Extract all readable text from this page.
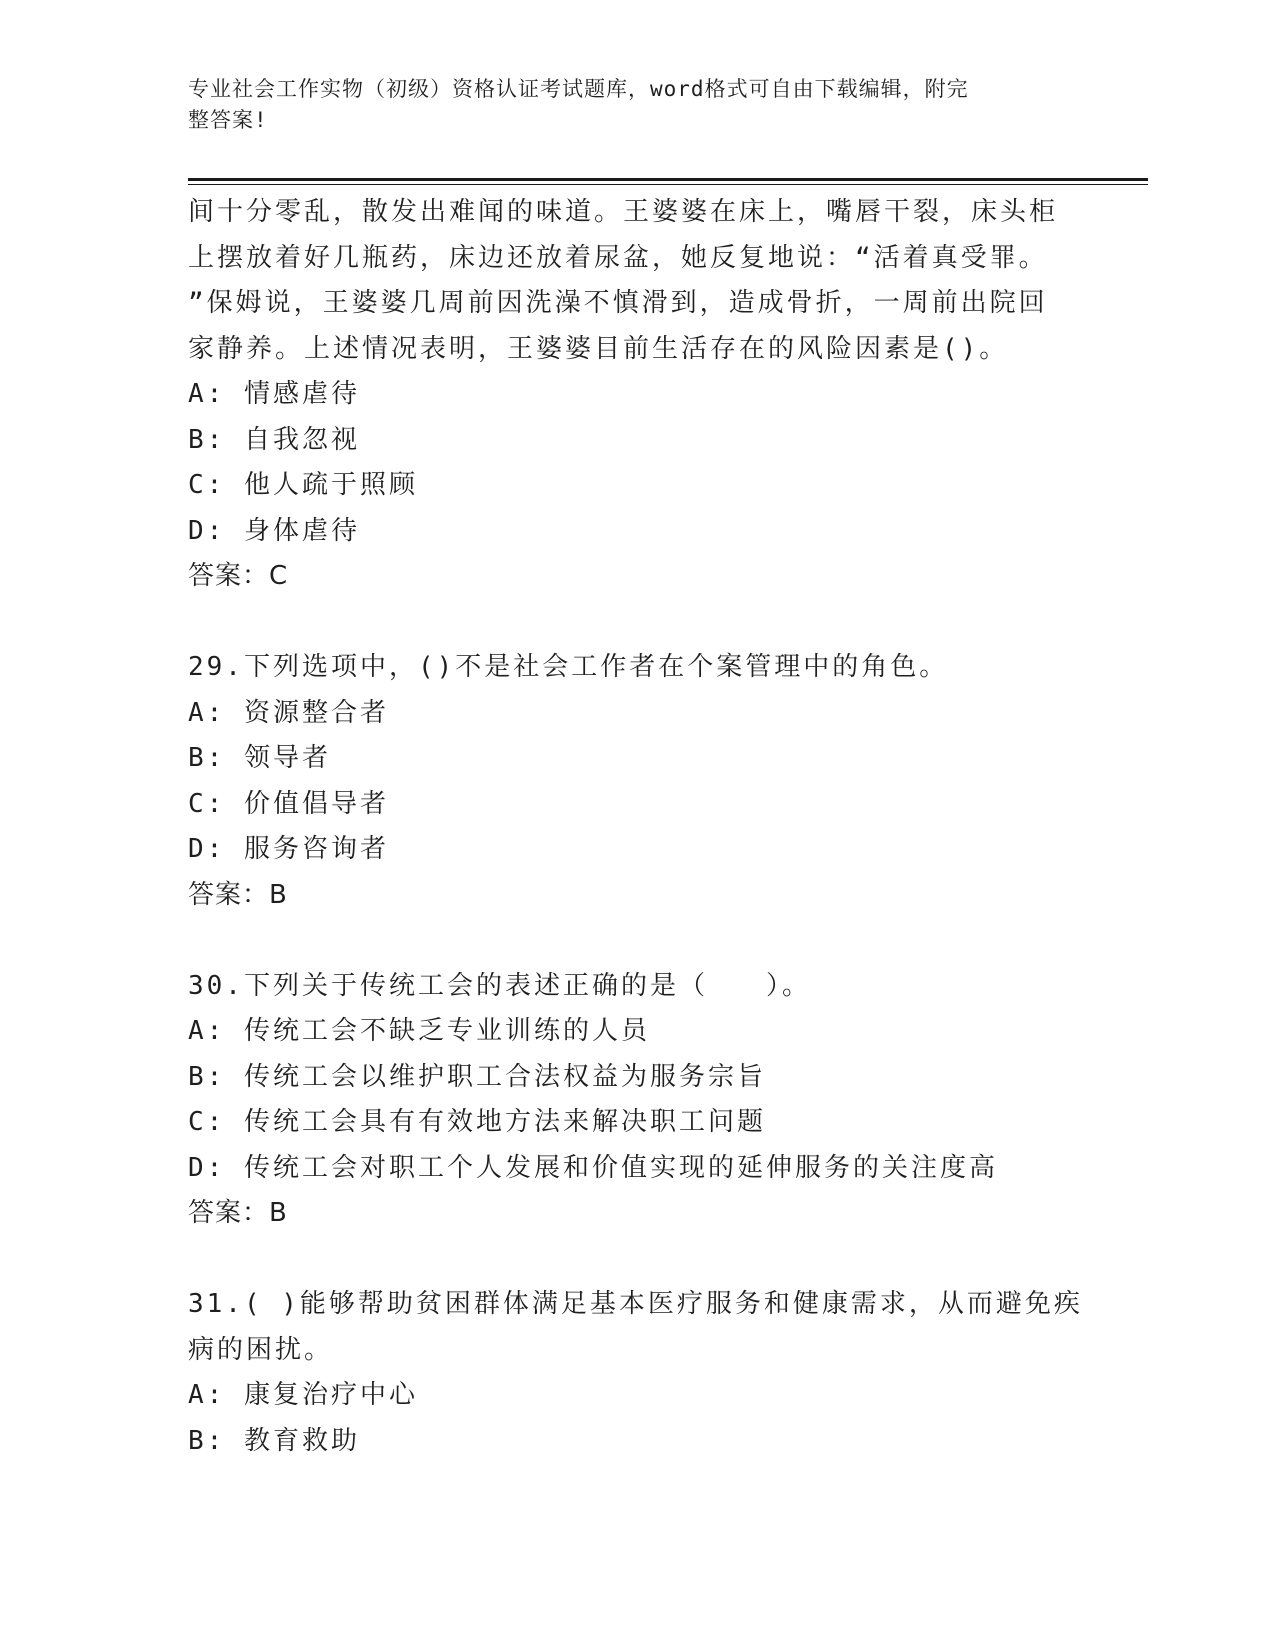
专业社会工作实物（初级）资格认证考试题库，word格式可自由下载编辑，附完
整答案!

间十分零乱，散发出难闻的味道。王婆婆在床上，嘴唇干裂，床头柜
上摆放着好几瓶药，床边还放着尿盆，她反复地说：“活着真受罪。
”保姆说，王婆婆几周前因洗澡不慎滑到，造成骨折，一周前出院回
家静养。上述情况表明，王婆婆目前生活存在的风险因素是()。
A: 情感虐待
B: 自我忽视
C: 他人疏于照顾
D: 身体虐待
答案：C
29.下列选项中，()不是社会工作者在个案管理中的角色。
A: 资源整合者
B: 领导者
C: 价值倡导者
D: 服务咨询者
答案：B
30.下列关于传统工会的表述正确的是（　　）。
A: 传统工会不缺乏专业训练的人员
B: 传统工会以维护职工合法权益为服务宗旨
C: 传统工会具有有效地方法来解决职工问题
D: 传统工会对职工个人发展和价值实现的延伸服务的关注度高
答案：B
31.( )能够帮助贫困群体满足基本医疗服务和健康需求，从而避免疾
病的困扰。
A: 康复治疗中心
B: 教育救助
